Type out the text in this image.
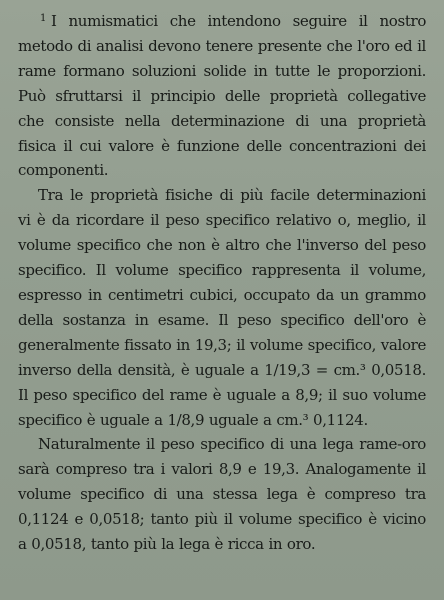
$^1$ I numismatici che intendono seguire il nostro metodo di analisi devono tenere presente che l'oro ed il rame formano soluzioni solide in tutte le proporzioni. Può sfruttarsi il principio delle proprietà collegative che consiste nella determinazione di una proprietà fisica il cui valore è funzione delle concentrazioni dei componenti.

Tra le proprietà fisiche di più facile determinazioni vi è da ricordare il peso specifico relativo o, meglio, il volume specifico che non è altro che l'inverso del peso specifico. Il volume specifico rappresenta il volume, espresso in centimetri cubici, occupato da un grammo della sostanza in esame. Il peso specifico dell'oro è generalmente fissato in 19,3; il volume specifico, valore inverso della densità, è uguale a 1/19,3 = cm.³ 0,0518. Il peso specifico del rame è uguale a 8,9; il suo volume specifico è uguale a 1/8,9 uguale a cm.³ 0,1124.

Naturalmente il peso specifico di una lega rame-oro sarà compreso tra i valori 8,9 e 19,3. Analogamente il volume specifico di una stessa lega è compreso tra 0,1124 e 0,0518; tanto più il volume specifico è vicino a 0,0518, tanto più la lega è ricca in oro.
